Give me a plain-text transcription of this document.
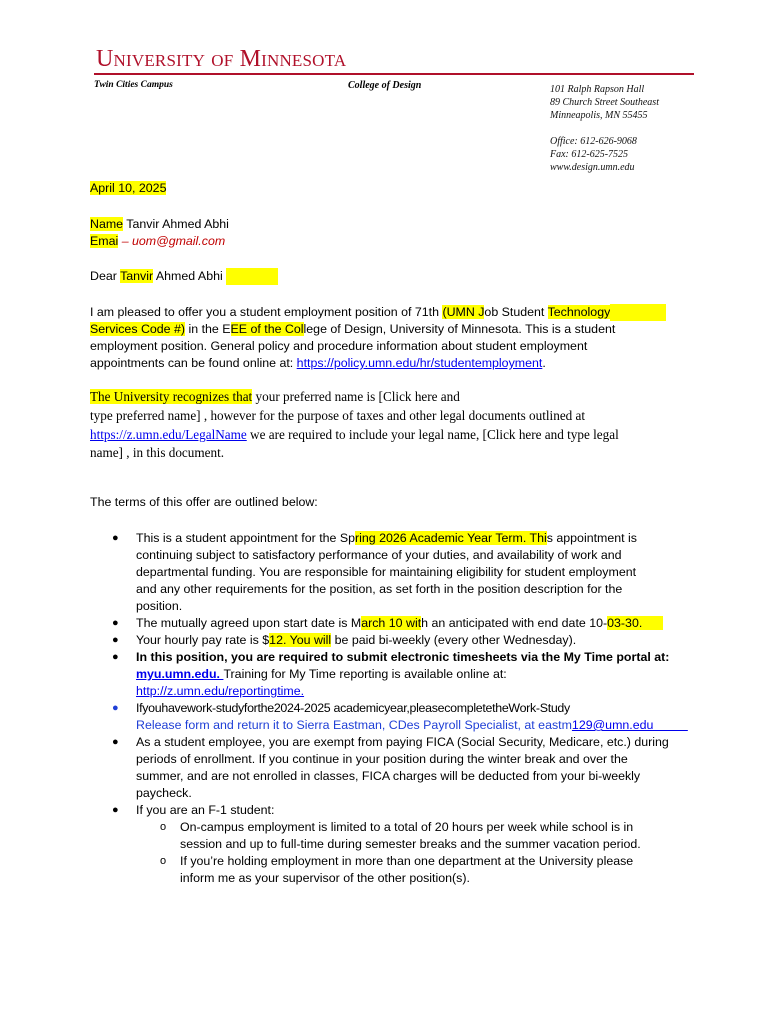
University of Minnesota
Twin Cities Campus	College of Design	101 Ralph Rapson Hall
89 Church Street Southeast
Minneapolis, MN 55455
Office: 612-626-9068
Fax: 612-625-7525
www.design.umn.edu
April 10, 2025
Name Tanvir Ahmed Abhi
Emai – uom@gmail.com
Dear Tanvir Ahmed Abhi
I am pleased to offer you a student employment position of 71th (UMN Job Student Technology
Services Code #) in the EEE of the College of Design, University of Minnesota. This is a student
employment position. General policy and procedure information about student employment
appointments can be found online at: https://policy.umn.edu/hr/studentemployment.
The University recognizes that your preferred name is [Click here and
type preferred name] , however for the purpose of taxes and other legal documents outlined at
https://z.umn.edu/LegalName we are required to include your legal name, [Click here and type legal
name] , in this document.
The terms of this offer are outlined below:
● This is a student appointment for the Spring 2026 Academic Year Term. This appointment is
continuing subject to satisfactory performance of your duties, and availability of work and
departmental funding. You are responsible for maintaining eligibility for student employment
and any other requirements for the position, as set forth in the position description for the
position.
● The mutually agreed upon start date is March 10 with an anticipated with end date 10-03-30.
● Your hourly pay rate is $12. You will be paid bi-weekly (every other Wednesday).
● In this position, you are required to submit electronic timesheets via the My Time portal at:
myu.umn.edu. Training for My Time reporting is available online at:
http://z.umn.edu/reportingtime.
● Ifyouhavework-studyforthe2024-2025 academicyear,pleasecompletetheWork-Study
Release form and return it to Sierra Eastman, CDes Payroll Specialist, at eastm129@umn.edu
● As a student employee, you are exempt from paying FICA (Social Security, Medicare, etc.) during
periods of enrollment. If you continue in your position during the winter break and over the
summer, and are not enrolled in classes, FICA charges will be deducted from your bi-weekly
paycheck.
● If you are an F-1 student:
o On-campus employment is limited to a total of 20 hours per week while school is in
session and up to full-time during semester breaks and the summer vacation period.
o If you’re holding employment in more than one department at the University please
inform me as your supervisor of the other position(s).
